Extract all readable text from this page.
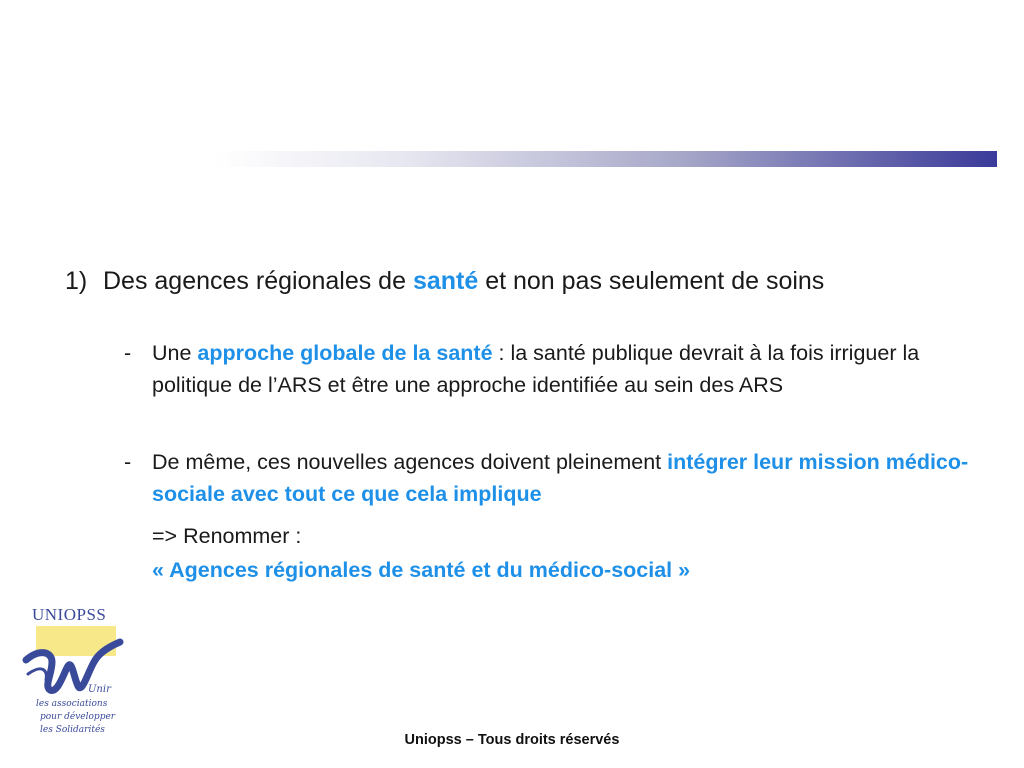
1) Des agences régionales de santé et non pas seulement de soins
- Une approche globale de la santé : la santé publique devrait à la fois irriguer la politique de l’ARS et être une approche identifiée au sein des ARS
- De même, ces nouvelles agences doivent pleinement intégrer leur mission médico-sociale avec tout ce que cela implique
=> Renommer :
« Agences régionales de santé et du médico-social »
UNIOPSS
Unir
les associations
pour développer
les Solidarités
Uniopss – Tous droits réservés
